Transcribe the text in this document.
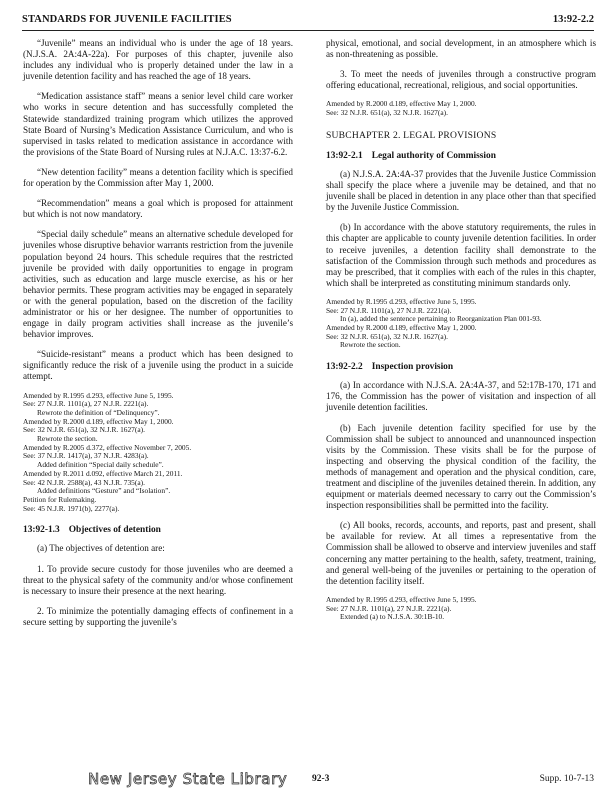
STANDARDS FOR JUVENILE FACILITIES	13:92-2.2

“Juvenile” means an individual who is under the age of 18 years. (N.J.S.A. 2A:4A-22a). For purposes of this chapter, juvenile also includes any individual who is properly detained under the law in a juvenile detention facility and has reached the age of 18 years.

“Medication assistance staff” means a senior level child care worker who works in secure detention and has successfully completed the Statewide standardized training program which utilizes the approved State Board of Nursing’s Medication Assistance Curriculum, and who is supervised in tasks related to medication assistance in accordance with the provisions of the State Board of Nursing rules at N.J.A.C. 13:37-6.2.

“New detention facility” means a detention facility which is specified for operation by the Commission after May 1, 2000.

“Recommendation” means a goal which is proposed for attainment but which is not now mandatory.

“Special daily schedule” means an alternative schedule developed for juveniles whose disruptive behavior warrants restriction from the juvenile population beyond 24 hours. This schedule requires that the restricted juvenile be provided with daily opportunities to engage in program activities, such as education and large muscle exercise, as his or her behavior permits. These program activities may be engaged in separately or with the general population, based on the discretion of the facility administrator or his or her designee. The number of opportunities to engage in daily program activities shall increase as the juvenile’s behavior improves.

“Suicide-resistant” means a product which has been designed to significantly reduce the risk of a juvenile using the product in a suicide attempt.

Amended by R.1995 d.293, effective June 5, 1995.
See: 27 N.J.R. 1101(a), 27 N.J.R. 2221(a).
Rewrote the definition of “Delinquency”.
Amended by R.2000 d.189, effective May 1, 2000.
See: 32 N.J.R. 651(a), 32 N.J.R. 1627(a).
Rewrote the section.
Amended by R.2005 d.372, effective November 7, 2005.
See: 37 N.J.R. 1417(a), 37 N.J.R. 4283(a).
Added definition “Special daily schedule”.
Amended by R.2011 d.092, effective March 21, 2011.
See: 42 N.J.R. 2588(a), 43 N.J.R. 735(a).
Added definitions “Gesture” and “Isolation”.
Petition for Rulemaking.
See: 45 N.J.R. 1971(b), 2277(a).
13:92-1.3 Objectives of detention

(a) The objectives of detention are:

1. To provide secure custody for those juveniles who are deemed a threat to the physical safety of the community and/or whose confinement is necessary to insure their presence at the next hearing.

2. To minimize the potentially damaging effects of confinement in a secure setting by supporting the juvenile’s

physical, emotional, and social development, in an atmosphere which is as non-threatening as possible.

3. To meet the needs of juveniles through a constructive program offering educational, recreational, religious, and social opportunities.

Amended by R.2000 d.189, effective May 1, 2000.
See: 32 N.J.R. 651(a), 32 N.J.R. 1627(a).
SUBCHAPTER 2. LEGAL PROVISIONS
13:92-2.1 Legal authority of Commission

(a) N.J.S.A. 2A:4A-37 provides that the Juvenile Justice Commission shall specify the place where a juvenile may be detained, and that no juvenile shall be placed in detention in any place other than that specified by the Juvenile Justice Commission.

(b) In accordance with the above statutory requirements, the rules in this chapter are applicable to county juvenile detention facilities. In order to receive juveniles, a detention facility shall demonstrate to the satisfaction of the Commission through such methods and procedures as may be prescribed, that it complies with each of the rules in this chapter, which shall be interpreted as constituting minimum standards only.

Amended by R.1995 d.293, effective June 5, 1995.
See: 27 N.J.R. 1101(a), 27 N.J.R. 2221(a).
In (a), added the sentence pertaining to Reorganization Plan 001-93.
Amended by R.2000 d.189, effective May 1, 2000.
See: 32 N.J.R. 651(a), 32 N.J.R. 1627(a).
Rewrote the section.
13:92-2.2 Inspection provision

(a) In accordance with N.J.S.A. 2A:4A-37, and 52:17B-170, 171 and 176, the Commission has the power of visitation and inspection of all juvenile detention facilities.

(b) Each juvenile detention facility specified for use by the Commission shall be subject to announced and unannounced inspection visits by the Commission. These visits shall be for the purpose of inspecting and observing the physical condition of the facility, the methods of management and operation and the physical condition, care, treatment and discipline of the juveniles detained therein. In addition, any equipment or materials deemed necessary to carry out the Commission’s inspection responsibilities shall be permitted into the facility.

(c) All books, records, accounts, and reports, past and present, shall be available for review. At all times a representative from the Commission shall be allowed to observe and interview juveniles and staff concerning any matter pertaining to the health, safety, treatment, training, and general well-being of the juveniles or pertaining to the operation of the detention facility itself.

Amended by R.1995 d.293, effective June 5, 1995.
See: 27 N.J.R. 1101(a), 27 N.J.R. 2221(a).
Extended (a) to N.J.S.A. 30:1B-10.
New Jersey State Library	92-3	Supp. 10-7-13
